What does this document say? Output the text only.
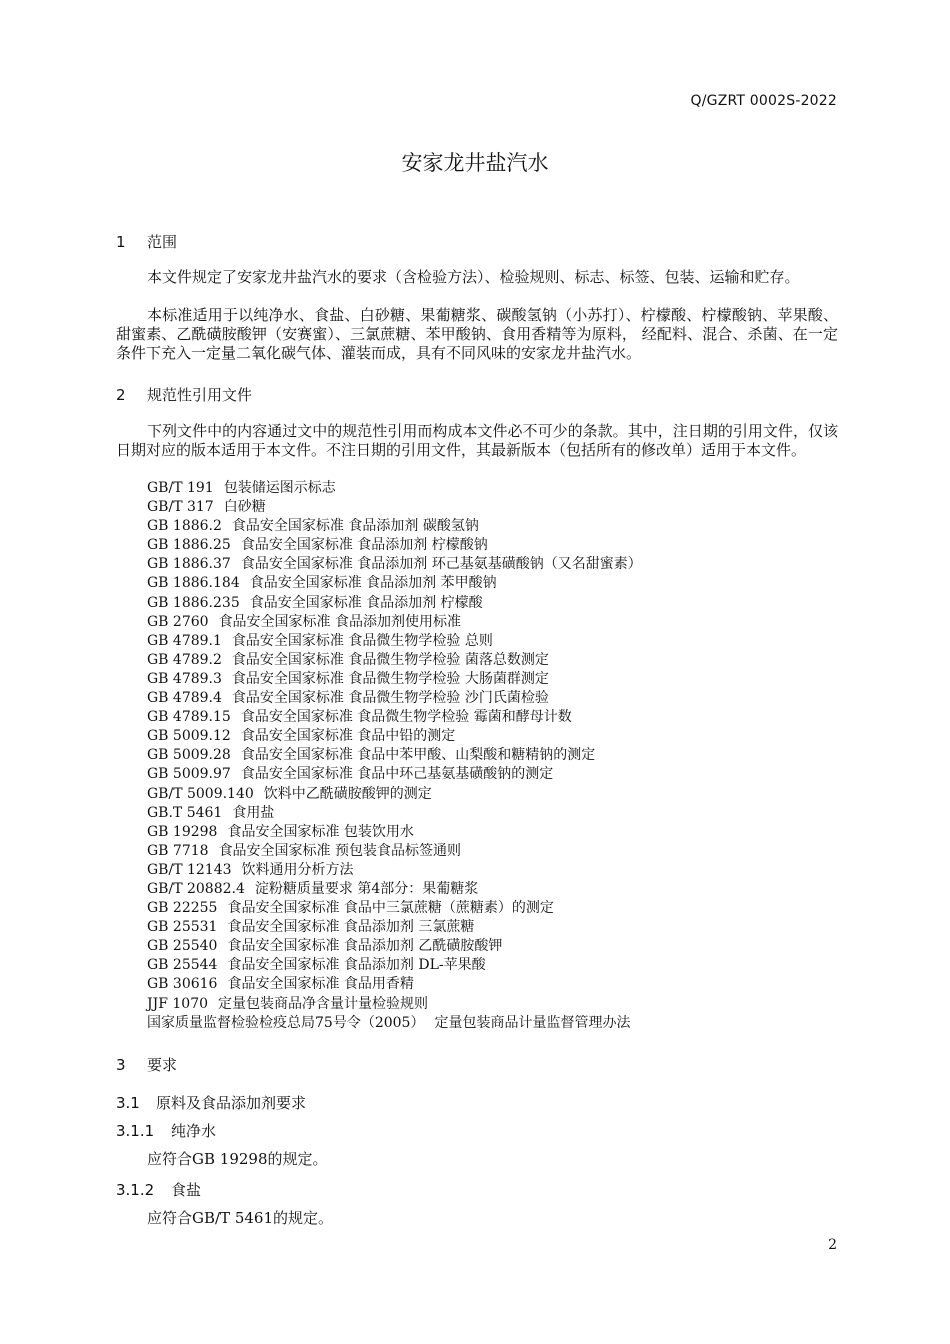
Q/GZRT 0002S-2022
安家龙井盐汽水
1 范围
本文件规定了安家龙井盐汽水的要求（含检验方法）、检验规则、标志、标签、包装、运输和贮存。
本标准适用于以纯净水、食盐、白砂糖、果葡糖浆、碳酸氢钠（小苏打）、柠檬酸、柠檬酸钠、苹果酸、甜蜜素、乙酰磺胺酸钾（安赛蜜）、三氯蔗糖、苯甲酸钠、食用香精等为原料， 经配料、混合、杀菌、在一定条件下充入一定量二氧化碳气体、灌装而成，具有不同风味的安家龙井盐汽水。
2 规范性引用文件
下列文件中的内容通过文中的规范性引用而构成本文件必不可少的条款。其中，注日期的引用文件，仅该日期对应的版本适用于本文件。不注日期的引用文件，其最新版本（包括所有的修改单）适用于本文件。
GB/T 191 包装储运图示标志
GB/T 317 白砂糖
GB 1886.2 食品安全国家标准 食品添加剂 碳酸氢钠
GB 1886.25 食品安全国家标准 食品添加剂 柠檬酸钠
GB 1886.37 食品安全国家标准 食品添加剂 环己基氨基磺酸钠（又名甜蜜素）
GB 1886.184 食品安全国家标准 食品添加剂 苯甲酸钠
GB 1886.235 食品安全国家标准 食品添加剂 柠檬酸
GB 2760 食品安全国家标准 食品添加剂使用标准
GB 4789.1 食品安全国家标准 食品微生物学检验 总则
GB 4789.2 食品安全国家标准 食品微生物学检验 菌落总数测定
GB 4789.3 食品安全国家标准 食品微生物学检验 大肠菌群测定
GB 4789.4 食品安全国家标准 食品微生物学检验 沙门氏菌检验
GB 4789.15 食品安全国家标准 食品微生物学检验 霉菌和酵母计数
GB 5009.12 食品安全国家标准 食品中铅的测定
GB 5009.28 食品安全国家标准 食品中苯甲酸、山梨酸和糖精钠的测定
GB 5009.97 食品安全国家标准 食品中环己基氨基磺酸钠的测定
GB/T 5009.140 饮料中乙酰磺胺酸钾的测定
GB.T 5461 食用盐
GB 19298 食品安全国家标准 包装饮用水
GB 7718 食品安全国家标准 预包装食品标签通则
GB/T 12143 饮料通用分析方法
GB/T 20882.4 淀粉糖质量要求 第4部分：果葡糖浆
GB 22255 食品安全国家标准 食品中三氯蔗糖（蔗糖素）的测定
GB 25531 食品安全国家标准 食品添加剂 三氯蔗糖
GB 25540 食品安全国家标准 食品添加剂 乙酰磺胺酸钾
GB 25544 食品安全国家标准 食品添加剂 DL-苹果酸
GB 30616 食品安全国家标准 食品用香精
JJF 1070 定量包装商品净含量计量检验规则
国家质量监督检验检疫总局75号令（2005） 定量包装商品计量监督管理办法
3 要求
3.1 原料及食品添加剂要求
3.1.1 纯净水
应符合GB 19298的规定。
3.1.2 食盐
应符合GB/T 5461的规定。
2
